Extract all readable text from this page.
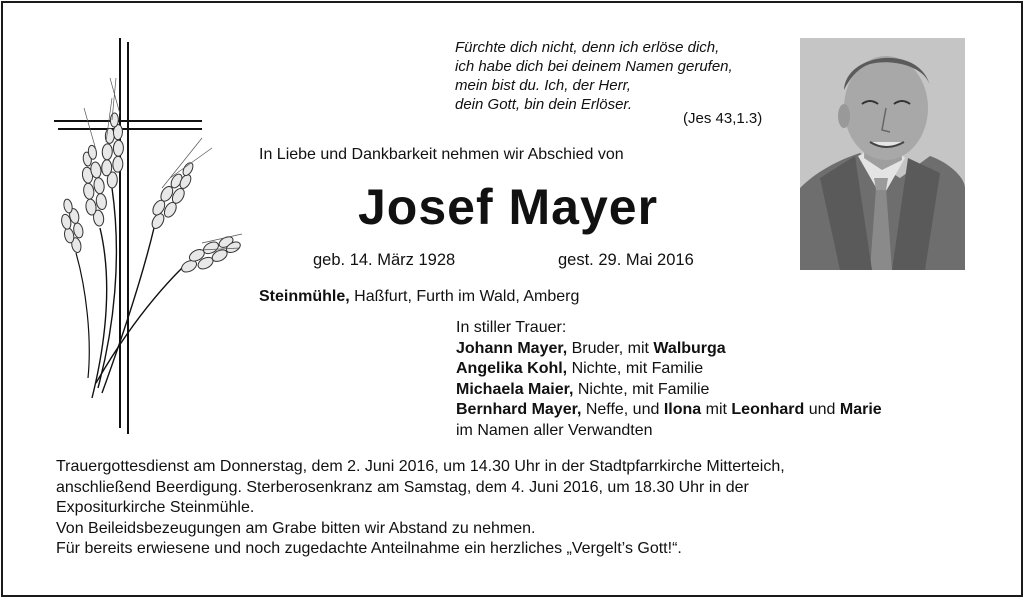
Fürchte dich nicht, denn ich erlöse dich,
ich habe dich bei deinem Namen gerufen,
mein bist du. Ich, der Herr,
dein Gott, bin dein Erlöser.
(Jes 43,1.3)
In Liebe und Dankbarkeit nehmen wir Abschied von
Josef Mayer
geb. 14. März 1928	gest. 29. Mai 2016
Steinmühle, Haßfurt, Furth im Wald, Amberg
In stiller Trauer:
Johann Mayer, Bruder, mit Walburga
Angelika Kohl, Nichte, mit Familie
Michaela Maier, Nichte, mit Familie
Bernhard Mayer, Neffe, und Ilona mit Leonhard und Marie
im Namen aller Verwandten
Trauergottesdienst am Donnerstag, dem 2. Juni 2016, um 14.30 Uhr in der Stadtpfarrkirche Mitterteich,
anschließend Beerdigung. Sterberosenkranz am Samstag, dem 4. Juni 2016, um 18.30 Uhr in der
Expositurkirche Steinmühle.
Von Beileidsbezeugungen am Grabe bitten wir Abstand zu nehmen.
Für bereits erwiesene und noch zugedachte Anteilnahme ein herzliches „Vergelt’s Gott!“.
